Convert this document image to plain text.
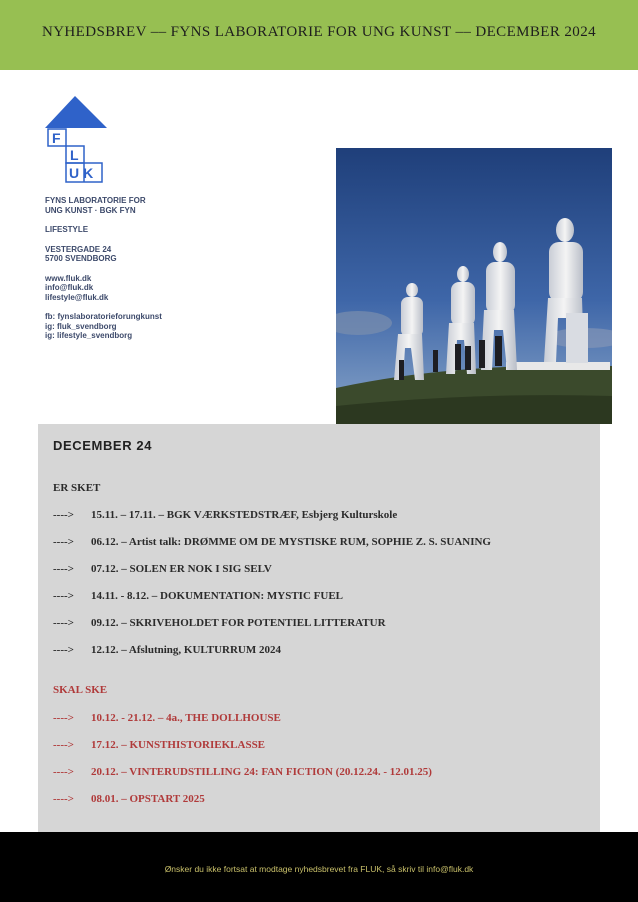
NYHEDSBREV –– FYNS LABORATORIE FOR UNG KUNST –– DECEMBER 2024
F
L
UK
FYNS LABORATORIE FOR
UNG KUNST · BGK FYN
LIFESTYLE
VESTERGADE 24
5700 SVENDBORG
www.fluk.dk
info@fluk.dk
lifestyle@fluk.dk
fb: fynslaboratorieforungkunst
ig: fluk_svendborg
ig: lifestyle_svendborg
DECEMBER 24
ER SKET
----> 15.11. – 17.11. – BGK VÆRKSTEDSTRÆF, Esbjerg Kulturskole
----> 06.12. – Artist talk: DRØMME OM DE MYSTISKE RUM, SOPHIE Z. S. SUANING
----> 07.12. – SOLEN ER NOK I SIG SELV
----> 14.11. - 8.12. – DOKUMENTATION: MYSTIC FUEL
----> 09.12. – SKRIVEHOLDET FOR POTENTIEL LITTERATUR
----> 12.12. – Afslutning, KULTURRUM 2024
SKAL SKE
----> 10.12. - 21.12. – 4a., THE DOLLHOUSE
----> 17.12. – KUNSTHISTORIEKLASSE
----> 20.12. – VINTERUDSTILLING 24: FAN FICTION (20.12.24. - 12.01.25)
----> 08.01. – OPSTART 2025
Ønsker du ikke fortsat at modtage nyhedsbrevet fra FLUK, så skriv til info@fluk.dk
